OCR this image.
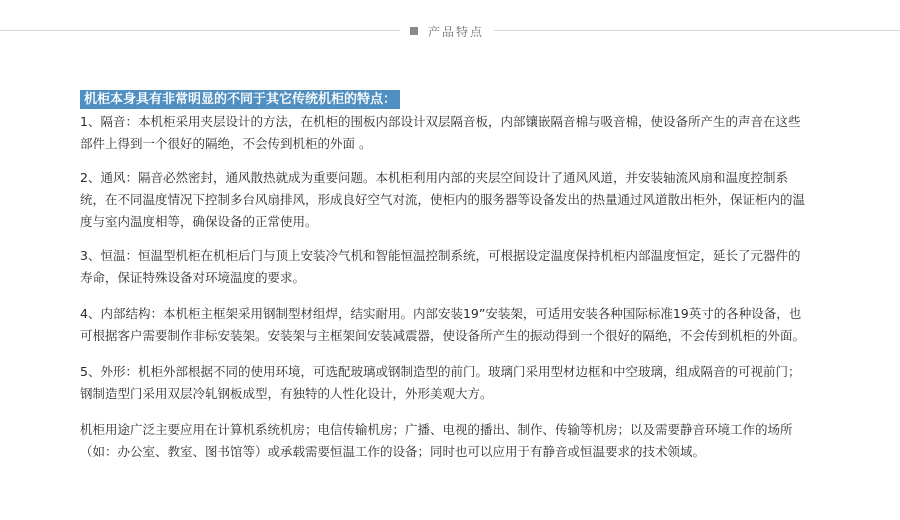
产品特点
机柜本身具有非常明显的不同于其它传统机柜的特点：

1、隔音：本机柜采用夹层设计的方法，在机柜的围板内部设计双层隔音板，内部镶嵌隔音棉与吸音棉，使设备所产生的声音在这些部件上得到一个很好的隔绝，不会传到机柜的外面 。

2、通风：隔音必然密封，通风散热就成为重要问题。本机柜利用内部的夹层空间设计了通风风道，并安装轴流风扇和温度控制系统，在不同温度情况下控制多台风扇排风，形成良好空气对流，使柜内的服务器等设备发出的热量通过风道散出柜外，保证柜内的温度与室内温度相等，确保设备的正常使用。

3、恒温：恒温型机柜在机柜后门与顶上安装冷气机和智能恒温控制系统，可根据设定温度保持机柜内部温度恒定，延长了元器件的寿命，保证特殊设备对环境温度的要求。

4、内部结构：本机柜主框架采用钢制型材组焊，结实耐用。内部安装19”安装架，可适用安装各种国际标准19英寸的各种设备，也可根据客户需要制作非标安装架。安装架与主框架间安装减震器，使设备所产生的振动得到一个很好的隔绝，不会传到机柜的外面。

5、外形：机柜外部根据不同的使用环境，可选配玻璃或钢制造型的前门。玻璃门采用型材边框和中空玻璃，组成隔音的可视前门；钢制造型门采用双层冷轧钢板成型，有独特的人性化设计，外形美观大方。

机柜用途广泛主要应用在计算机系统机房；电信传输机房；广播、电视的播出、制作、传输等机房；以及需要静音环境工作的场所（如：办公室、教室、图书馆等）或承载需要恒温工作的设备；同时也可以应用于有静音或恒温要求的技术领域。
